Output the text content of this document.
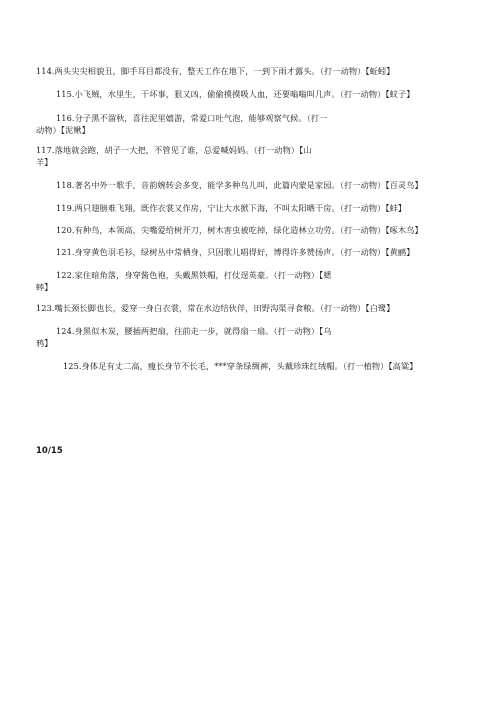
114.两头尖尖相貌丑，脚手耳目都没有，整天工作在地下，一到下雨才露头。（打一动物）【蚯蚓】
115.小飞贼，水里生，干坏事，狠又凶，偷偷摸摸吸人血，还要嗡嗡叫几声。（打一动物）【蚊子】
116.分子黑不溜秋，喜往泥里嬉游，常爱口吐气泡，能够观察气候。（打一
动物）【泥鳅】
117.落地就会跑，胡子一大把，不管见了谁，总爱喊妈妈。（打一动物）【山
羊】
118.著名中外一歌手，音韵婉转会多变，能学多种鸟儿叫，此篇内蒙是家园。（打一动物）【百灵鸟】
119.两只翅膀难飞翔，既作衣裳又作房，宁让大水掀下海，不叫太阳晒干房。（打一动物）【蚌】
120.有种鸟，本领高，尖嘴爱给树开刀，树木害虫被吃掉，绿化造林立功劳。（打一动物）【啄木鸟】
121.身穿黄色羽毛衫，绿树丛中常栖身，只因歌儿唱得好，博得许多赞扬声。（打一动物）【黄鹂】
122.家住暗角落，身穿酱色袍，头戴黑铁帽，打仗逞英豪。（打一动物）【蟋
蟀】
123.嘴长颈长脚也长，爱穿一身白衣裳，常在水边结伙伴，田野沟渠寻食粮。（打一动物）【白鹭】
124.身黑似木炭，腰插两把扇，往前走一步，就得扇一扇。（打一动物）【乌
鸦】
125.身体足有丈二高，瘦长身节不长毛，***穿条绿绸裤，头戴珍珠红绒帽。（打一植物）【高粱】
10/15
